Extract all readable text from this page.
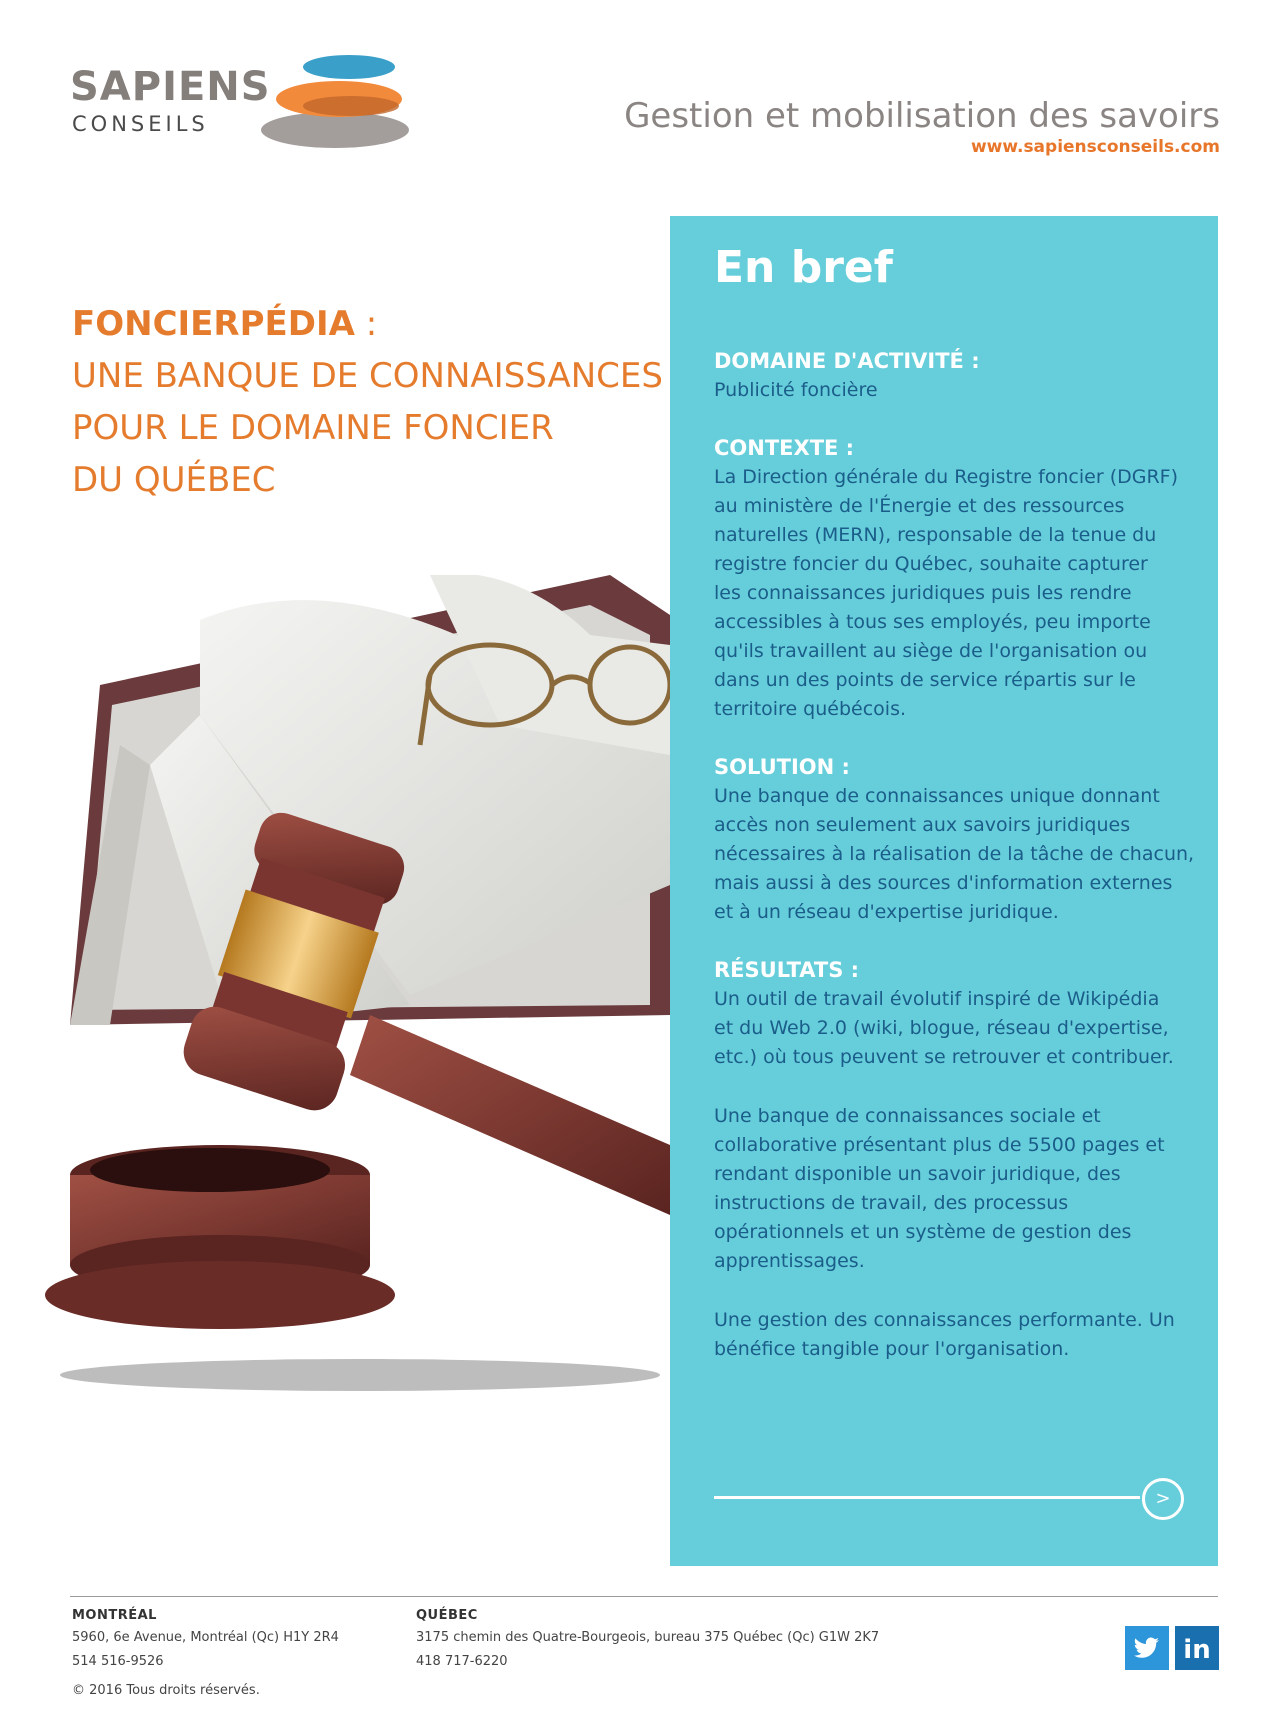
SAPIENS
CONSEILS	Gestion et mobilisation des savoirs
www.sapiensconseils.com
FONCIERPÉDIA :
UNE BANQUE DE CONNAISSANCES
POUR LE DOMAINE FONCIER
DU QUÉBEC
En bref

DOMAINE D'ACTIVITÉ :

Publicité foncière

CONTEXTE :

La Direction générale du Registre foncier (DGRF)

au ministère de l'Énergie et des ressources

naturelles (MERN), responsable de la tenue du

registre foncier du Québec, souhaite capturer

les connaissances juridiques puis les rendre

accessibles à tous ses employés, peu importe

qu'ils travaillent au siège de l'organisation ou

dans un des points de service répartis sur le

territoire québécois.

SOLUTION :

Une banque de connaissances unique donnant

accès non seulement aux savoirs juridiques

nécessaires à la réalisation de la tâche de chacun,

mais aussi à des sources d'information externes

et à un réseau d'expertise juridique.

RÉSULTATS :

Un outil de travail évolutif inspiré de Wikipédia

et du Web 2.0 (wiki, blogue, réseau d'expertise,

etc.) où tous peuvent se retrouver et contribuer.

Une banque de connaissances sociale et

collaborative présentant plus de 5500 pages et

rendant disponible un savoir juridique, des

instructions de travail, des processus

opérationnels et un système de gestion des

apprentissages.

Une gestion des connaissances performante. Un

bénéfice tangible pour l'organisation.

>
MONTRÉAL
5960, 6e Avenue, Montréal (Qc) H1Y 2R4
514 516-9526
QUÉBEC
3175 chemin des Quatre-Bourgeois, bureau 375 Québec (Qc) G1W 2K7
418 717-6220
© 2016 Tous droits réservés.
in
